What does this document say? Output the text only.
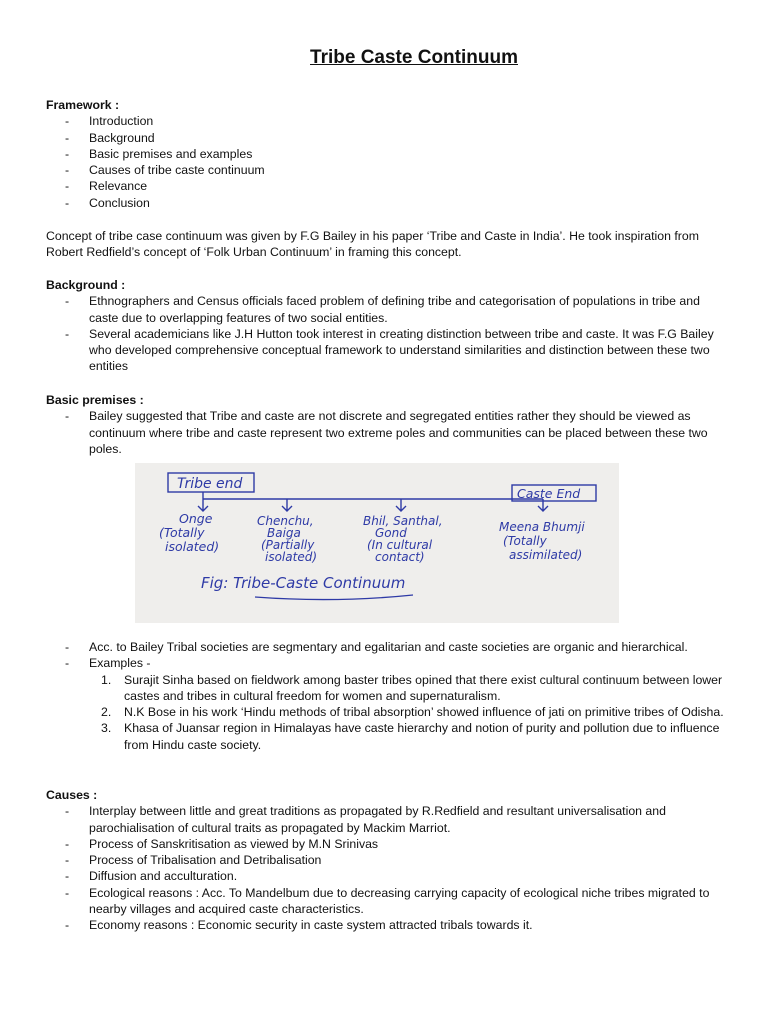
Tribe Caste Continuum

Framework :

- Introduction
- Background
- Basic premises and examples
- Causes of tribe caste continuum
- Relevance
- Conclusion

Concept of tribe case continuum was given by F.G Bailey in his paper ‘Tribe and Caste in India’. He took inspiration from Robert Redfield’s concept of ‘Folk Urban Continuum’ in framing this concept.

Background :

- Ethnographers and Census officials faced problem of defining tribe and categorisation of populations in tribe and caste due to overlapping features of two social entities.
- Several academicians like J.H Hutton took interest in creating distinction between tribe and caste. It was F.G Bailey who developed comprehensive conceptual framework to understand similarities and distinction between these two entities

Basic premises :

- Bailey suggested that Tribe and caste are not discrete and segregated entities rather they should be viewed as continuum where tribe and caste represent two extreme poles and communities can be placed between these two poles.
Tribe end
Caste End
Onge
(Totally
isolated)
Chenchu,
Baiga
(Partially
isolated)
Bhil, Santhal,
Gond
(In cultural
contact)
Meena Bhumji
(Totally
assimilated)
Fig: Tribe-Caste Continuum
- Acc. to Bailey Tribal societies are segmentary and egalitarian and caste societies are organic and hierarchical.
- Examples -
1. Surajit Sinha based on fieldwork among baster tribes opined that there exist cultural continuum between lower castes and tribes in cultural freedom for women and supernaturalism.
2. N.K Bose in his work ‘Hindu methods of tribal absorption’ showed influence of jati on primitive tribes of Odisha.
3. Khasa of Juansar region in Himalayas have caste hierarchy and notion of purity and pollution due to influence from Hindu caste society.

Causes :

- Interplay between little and great traditions as propagated by R.Redfield and resultant universalisation and parochialisation of cultural traits as propagated by Mackim Marriot.
- Process of Sanskritisation as viewed by M.N Srinivas
- Process of Tribalisation and Detribalisation
- Diffusion and acculturation.
- Ecological reasons : Acc. To Mandelbum due to decreasing carrying capacity of ecological niche tribes migrated to nearby villages and acquired caste characteristics.
- Economy reasons : Economic security in caste system attracted tribals towards it.
